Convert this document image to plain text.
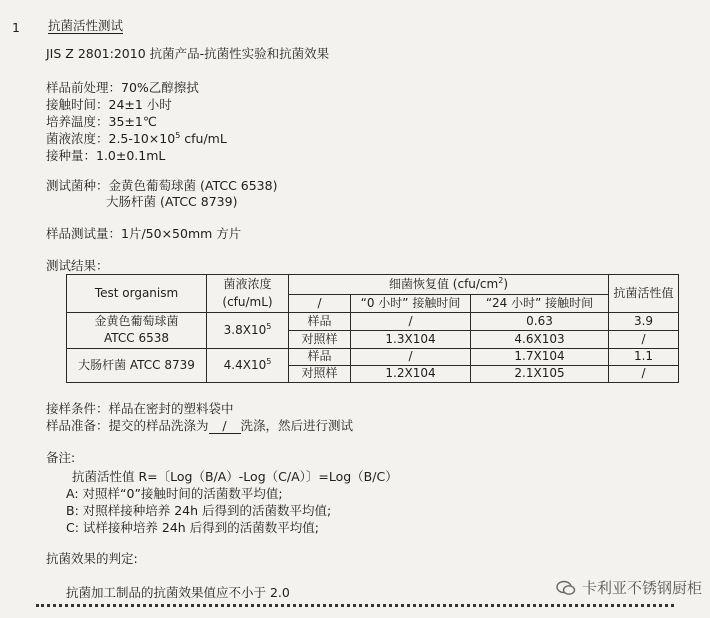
1 抗菌活性测试
JIS Z 2801:2010 抗菌产品-抗菌性实验和抗菌效果
样品前处理：70%乙醇擦拭
接触时间：24±1 小时
培养温度：35±1℃
菌液浓度：$2.5-10\times 10^5$ cfu/mL
接种量：1.0±0.1mL
测试菌种：金黄色葡萄球菌 (ATCC 6538)
大肠杆菌 (ATCC 8739)
样品测试量：1片/50×50mm 方片
测试结果：
Test organism	菌液浓度 (cfu/mL)	细菌恢复值 $(cfu/cm^2)$			抗菌活性值
		/	“0 小时” 接触时间	“24 小时” 接触时间	
金黄色葡萄球菌
ATCC 6538	$3.8X10^5$	样品	/	0.63	3.9
		对照样	1.3X104	4.6X103	/
大肠杆菌 ATCC 8739	$4.4X10^5$	样品	/	1.7X104	1.1
		对照样	1.2X104	2.1X105	/
接样条件：样品在密封的塑料袋中
样品准备：提交的样品洗涤为 / 洗涤，然后进行测试
备注:
抗菌活性值 R=〔Log（B/A）-Log（C/A）〕=Log（B/C）
A: 对照样“0”接触时间的活菌数平均值;
B: 对照样接种培养 24h 后得到的活菌数平均值;
C: 试样接种培养 24h 后得到的活菌数平均值;
抗菌效果的判定:
抗菌加工制品的抗菌效果值应不小于 2.0	卡利亚不锈钢厨柜
